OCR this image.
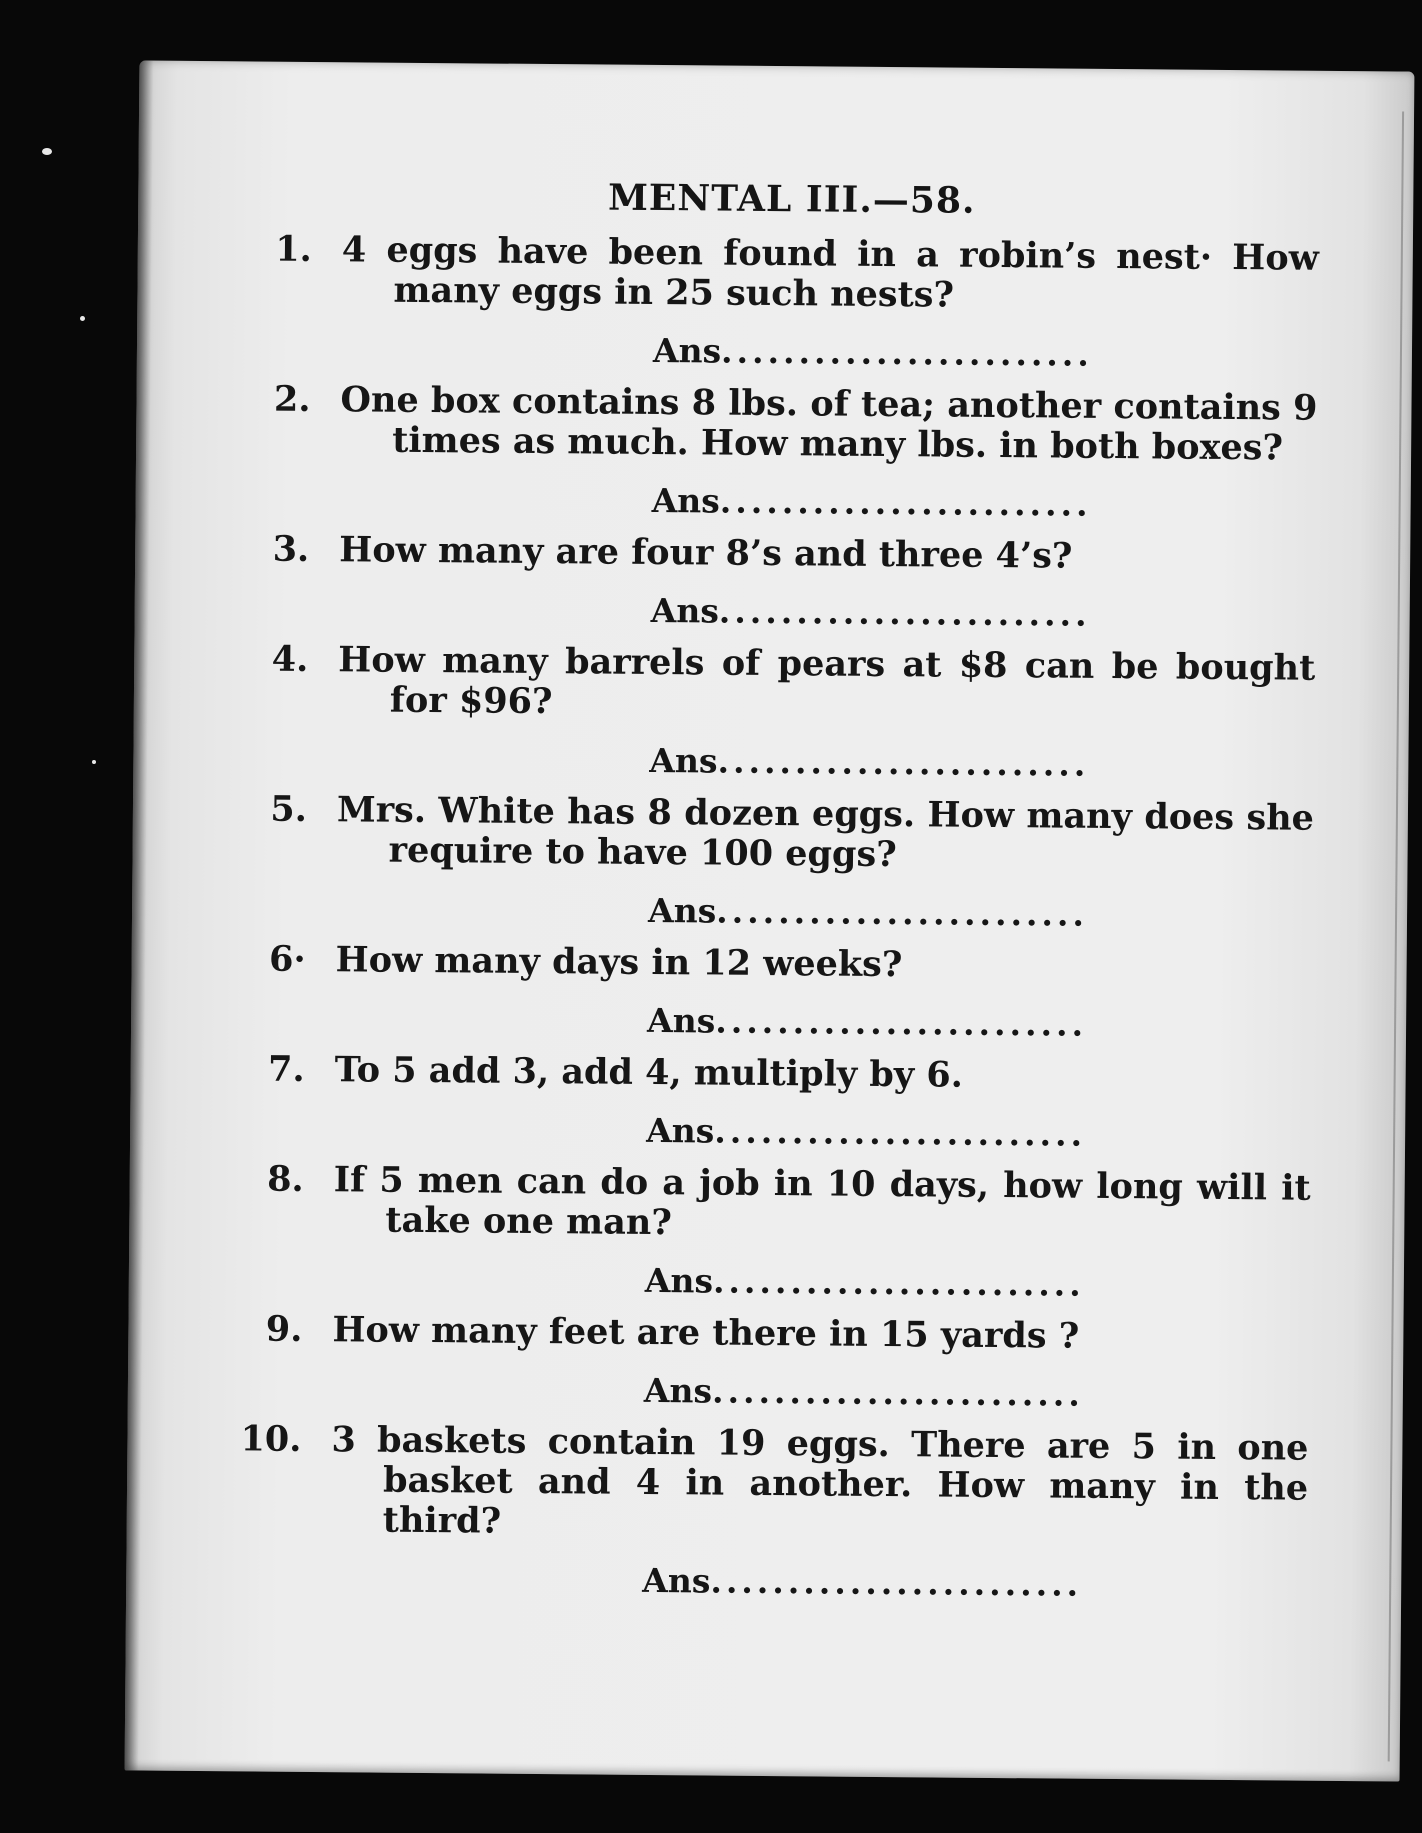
MENTAL III.—58.
1. 4 eggs have been found in a robin’s nest· How many eggs in 25 such nests?
Ans........................
2. One box contains 8 lbs. of tea; another contains 9 times as much. How many lbs. in both boxes?
Ans........................
3. How many are four 8’s and three 4’s?
Ans........................
4. How many barrels of pears at $8 can be bought for $96?
Ans........................
5. Mrs. White has 8 dozen eggs. How many does she require to have 100 eggs?
Ans........................
6· How many days in 12 weeks?
Ans........................
7. To 5 add 3, add 4, multiply by 6.
Ans........................
8. If 5 men can do a job in 10 days, how long will it take one man?
Ans........................
9. How many feet are there in 15 yards ?
Ans........................
10. 3 baskets contain 19 eggs. There are 5 in one basket and 4 in another. How many in the third?
Ans........................
